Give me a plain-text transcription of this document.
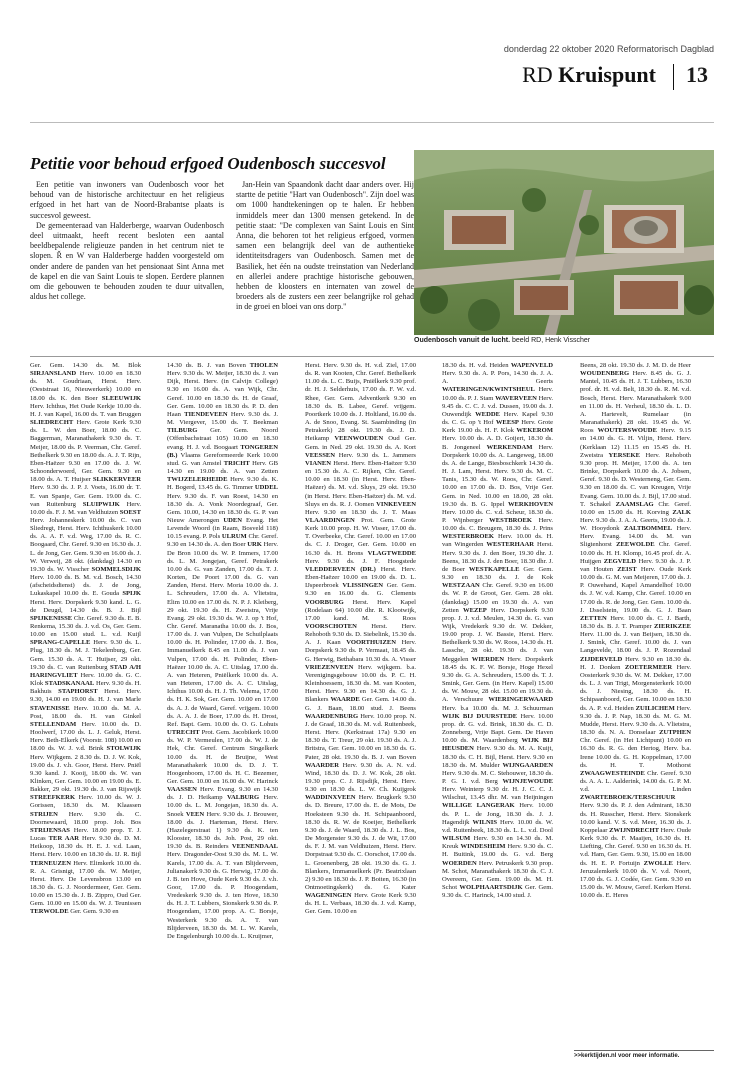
donderdag 22 oktober 2020 Reformatorisch Dagblad
RD Kruispunt 13
Petitie voor behoud erfgoed Oudenbosch succesvol

Een petitie van inwoners van Oudenbosch voor het behoud van de historische architectuur en het religieus erfgoed in het hart van de Noord-Brabantse plaats is succesvol geweest.

De gemeenteraad van Halderberge, waarvan Oudenbosch deel uitmaakt, heeft recent besloten een aantal beeldbepalende religieuze panden in het centrum niet te slopen. Ř en W van Halderberge hadden voorgesteld om onder andere de panden van het pensionaat Sint Anna met de kapel en die van Saint Louis te slopen. Eerdere plannen om die gebouwen te behouden zouden te duur uitvallen, aldus het college.

Jan-Hein van Spaandonk dacht daar anders over. Hij startte de petitie "Hart van Oudenbosch". Zijn doel was om 1000 handtekeningen op te halen. Er hebben inmiddels meer dan 1300 mensen getekend. In de petitie staat: "De complexen van Saint Louis en Sint Anna, die behoren tot het religieus erfgoed, vormen samen een belangrijk deel van de authentieke identiteitsdragers van Oudenbosch. Samen met de Basiliek, het één na oudste treinstation van Nederland en allerlei andere prachtige historische gebouwen, hebben de kloosters en internaten van zowel de broeders als de zusters een zeer belangrijke rol gehad in de groei en bloei van ons dorp."

Oudenbosch vanuit de lucht. beeld RD, Henk Visscher
Ger. Gem. 14.30 ds. M. Blok SIRJANSLAND Herv. 10.00 en 18.30 ds. M. Goudriaan, Herst. Herv. (Oeststraat 16, Nieuwerkerk) 10.00 en 18.00 ds. K. den Boer SLEEUWIJK Herv. Ichthus, Het Oude Kerkje 10.00 ds. H. J. van Kapel, 16.00 ds. T. van Bruggen SLIEDRECHT Herv. Grote Kerk 9.30 ds. L. W. den Boer, 18.00 ds. C. Baggerman, Maranathakerk 9.30 ds. T. Meijer, 18.00 ds. P. Veerman, Chr. Geref. Bethelkerk 9.30 en 18.00 ds. A. J. T. Rijn, Eben-Haëzer 9.30 en 17.00 ds. J. W. Schoonderwoerd, Ger. Gem. 9.30 en 18.00 ds. A. T. Huijser SLIKKERVEER Herv. 9.30 ds. J. P. J. Voets, 16.00 dr. T. E. van Spanje, Ger. Gem. 19.00 ds. C. van Ruitenburg SLUIPWIJK Herv. 10.00 ds. F. J. M. van Veldhuizen SOEST Herv. Johanneskerk 10.00 ds. C. van Sliedregt, Herst. Herv. Ichthuskerk 10.00 ds. A. A. F. v.d. Weg, 17.00 ds. R. C. Boogaard, Chr. Geref. 9.30 en 16.30 ds. J. L. de Jong, Ger. Gem. 9.30 en 16.00 ds. J. W. Verweij, 28 okt. (dankdag) 14.30 en 19.30 ds. W. Visscher SOMMELSDIJK Herv. 10.00 ds. B. M. v.d. Bosch, 14.30 (afscheidsdienst) ds. J. de Jong, Lukaskapel 10.00 ds. E. Gouda SPIJK Herst. Herv. Dorpskerk 9.30 kand. L. G. de Deugd, 14.30 ds. B. J. Bijl SPIJKENISSE Chr. Geref. 9.30 ds. E. B. Renkema, 15.30 ds. J. v.d. Os, Ger. Gem. 10.00 en 15.00 stud. L. v.d. Kuijl SPRANG-CAPELLE Herv. 9.30 ds. L. Plug, 18.30 ds. M. J. Tekelenburg, Ger. Gem. 15.30 ds. A. T. Huijser, 29 okt. 19.30 ds. C. van Ruitenburg STAD A/H HARINGVLIET Herv. 10.00 ds. G. C. Klok STADSKANAAL Herv. 9.30 ds. H. Bakhuis STAPHORST Herst. Herv. 9.30, 14.00 en 19.00 ds. H. J. van Marle STAVENISSE Herv. 10.00 ds. M. A. Post, 18.00 ds. H. van Ginkel STELLENDAM Herv. 10.00 ds. D. Hoolwerf, 17.00 ds. L. J. Geluk, Herst. Herv. Beth-Elkerk (Voorstr. 108) 10.00 en 18.00 ds. W. J. v.d. Brink STOLWIJK Herv. Wijkgem. 2 8.30 ds. D. J. W. Kok, 19.00 ds. J. v.h. Goor, Herst. Herv. Pniël 9.30 kand. J. Kooij, 18.00 ds. W. van Klinken, Ger. Gem. 10.00 en 19.00 ds. E. Bakker, 29 okt. 19.30 ds. J. van Rijswijk STREEFKERK Herv. 10.00 ds. W. J. Gorissen, 18.30 ds. M. Klaassen STRIJEN Herv. 9.30 ds. C. Doornewaard, 18.00 prop. Joh. Bos STRIJENSAS Herv. 18.00 prop. T. J. Lucas TER AAR Herv. 9.30 ds. D. M. Heikoop, 18.30 ds. H. E. J. v.d. Laan, Herst. Herv. 10.00 en 18.30 ds. IJ. R. Bijl TERNEUZEN Herv. Elimkerk 10.00 ds. R. A. Grisnigt, 17.00 ds. W. Meijer, Herst. Herv. De Levensbron 13.00 en 18.30 ds. G. J. Noordermeer, Ger. Gem. 10.00 en 15.30 ds. J. B. Zippro, Oud Ger. Gem. 10.00 en 15.00 ds. W. J. Teunissen TERWOLDE Ger. Gem. 9.30 en
14.30 ds. B. J. van Boven THOLEN Herv. 9.30 ds. W. Meijer, 18.30 ds. J. van Dijk, Herst. Herv. (in Calvijn College) 9.30 en 16.00 ds. A. van Wijk, Chr. Geref. 10.00 en 18.30 ds. H. de Graaf, Ger. Gem. 10.00 en 18.30 ds. P. D. den Haan TIENDEVEEN Herv. 9.30 ds. J. M. Viergever, 15.00 ds. T. Beekman TILBURG Ger. Gem. Noord (Offenbachstraat 105) 10.00 en 18.30 evang. H. J. v.d. Boogaart TONGEREN (B.) Vlaams Gereformeerde Kerk 10.00 stud. G. van Amstel TRICHT Herv. GB 14.30 en 19.00 ds. A. van Zetten TWIJZELERHEIDE Herv. 9.30 ds. K. H. Bogerd, 13.45 ds. G. Timmer UDDEL Herv. 9.30 ds. F. van Roest, 14.30 en 18.30 ds. A. Vonk Noordegraaf, Ger. Gem. 10.00, 14.30 en 18.30 ds. G. P. van Nieuw Amerongen UDEN Evang. Het Levende Woord (in Raam, Bosveld 118) 10.15 evang. P. Pols ULRUM Chr. Geref. 9.30 en 14.30 ds. A. den Boer URK Herv. De Bron 10.00 ds. W. P. Immers, 17.00 ds. L. M. Jongejan, Geref. Petrakerk 10.00 ds. G. van Zanden, 17.00 ds. T. J. Korten, De Poort 17.00 ds. G. van Zanden, Herst. Herv. Moria 10.00 ds. J. L. Schreuders, 17.00 ds. A. Vlietstra, Elim 10.00 en 17.00 ds. N. P. J. Kleiberg, 29 okt. 19.30 ds. H. Zweistra, Vrije Evang. 29 okt. 19.30 ds. W. J. op 't Hof, Chr. Geref. Maranatha 10.00 ds. J. Bos, 17.00 ds. J. van Vulpen, De Schuilplaats 10.00 ds. H. Polinder, 17.00 ds. J. Bos, Immanuelkerk 8.45 en 11.00 ds. J. van Vulpen, 17.00 ds. H. Polinder, Eben-Haëzer 10.00 ds. A. C. Uitslag, 17.00 ds. A. van Heteren, Pniëlkerk 10.00 ds. A. van Heteren, 17.00 ds. A. C. Uitslag, Ichthus 10.00 ds. H. J. Th. Velema, 17.00 ds. H. K. Sok, Ger. Gem. 10.00 en 17.00 ds. A. J. de Waard, Geref. vrijgem. 10.00 ds. A. A. J. de Boer, 17.00 ds. H. Drost, Ref. Bapt. Gem. 10.00 ds. O. G. Lohuis UTRECHT Prot. Gem. Jacobikerk 10.00 ds. W. P. Vermeulen, 17.00 ds. W. J. de Hek, Chr. Geref. Centrum Singelkerk 10.00 ds. H. de Bruijne, West Maranathakerk 10.00 ds. D. J. T. Hoogenboom, 17.00 ds. H. C. Bezemer, Ger. Gem. 10.00 en 16.00 ds. W. Harinck VAASSEN Herv. Evang. 9.30 en 14.30 ds. J. D. Heikamp VALBURG Herv. 10.00 ds. L. M. Jongejan, 18.30 ds. A. Snoek VEEN Herv. 9.30 ds. J. Brouwer, 18.00 ds. J. Harteman, Herst. Herv. (Hazelegerstraat 1) 9.30 ds. K. ten Klooster, 18.30 ds. Joh. Post, 29 okt. 19.30 ds. B. Reinders VEENENDAAL Herv. Dragonder-Oost 9.30 ds. M. L. W. Karels, 17.00 ds. A. T. van Blijderveen, Julianakerk 9.30 ds. G. Herwig, 17.00 ds. J. B. ten Hove, Oude Kerk 9.30 ds. J. v.h. Goor, 17.00 ds. P. Hoogendam, Vredeskerk 9.30 ds. J. ten Hove, 18.30 ds. H. J. T. Lubbers, Sionskerk 9.30 ds. P. Hoogendam, 17.00 prop. A. C. Borsje, Westerkerk 9.30 ds. A. T. van Blijderveen, 18.30 ds. M. L. W. Karels, De Engelenburgh 10.00 ds. L. Kruijmer,
Herst. Herv. 9.30 ds. H. v.d. Ziel, 17.00 ds. R. van Kooten, Chr. Geref. Bethelkerk 11.00 ds. L. C. Buijs, Pniëlkerk 9.30 prof. dr. H. J. Selderhuis, 17.00 ds. F. W. v.d. Rhee, Ger. Gem. Adventkerk 9.30 en 18.30 ds. B. Labee, Geref. vrijgem. Poortkerk 10.00 ds. J. Holtland, 16.00 ds. A. de Snoo, Evang. St. Saambinding (in Petrakerk) 28 okt. 19.30 ds. J. D. Heikamp VEENWOUDEN Oud Ger. Gem. in Ned. 29 okt. 19.30 ds. A. Kort VEESSEN Herv. 9.30 ds. L. Jammers VIANEN Herst. Herv. Eben-Haëzer 9.30 en 15.30 ds. A. C. Rijken, Chr. Geref. 10.00 en 18.30 (in Herst. Herv. Eben-Haëzer) ds. M. v.d. Sluys, 29 okt. 19.30 (in Herst. Herv. Eben-Haëzer) ds. M. v.d. Sluys en ds. R. J. Oomen VINKEVEEN Herv. 9.30 en 18.30 ds. J. T. Maas VLAARDINGEN Prot. Gem. Grote Kerk 10.00 prop. H. W. Visser, 17.00 ds. T. Overbeeke, Chr. Geref. 10.00 en 17.00 ds. C. J. Droger, Ger. Gem. 10.00 en 16.30 ds. H. Brons VLAGTWEDDE Herv. 9.30 ds. J. F. Hoogstede VLEDDERVEEN (DR.) Herst. Herv. Eben-Haëzer 10.00 en 19.00 ds. D. L. IJspeerbroek VLISSINGEN Ger. Gem. 9.30 en 16.00 ds. G. Clements VOORBURG Herst. Herv. Kapel (Rodelaan 64) 10.00 dhr. R. Klootwijk, 17.00 kand. M. S. Roos VOORSCHOTEN Herst. Herv. Rehoboth 9.30 ds. D. Siebelink, 15.30 ds. A. J. Kaan VOORTHUIZEN Herv. Dorpskerk 9.30 ds. P. Vermaat, 18.45 ds. G. Herwig, Bethabara 10.30 ds. A. Visser VRIEZENVEEN Herv. wijkgem. b.a. Verenigingsgebouw 10.00 ds. P. C. H. Kleinhoessem, 18.30 ds. M. van Kooten, Herst. Herv. 9.30 en 14.30 ds. G. J. Blankers WAARDE Ger. Gem. 14.00 ds. G. J. Baan, 18.00 stud. J. Beens WAARDENBURG Herv. 10.00 prop. N. J. de Graaf, 18.30 ds. M. v.d. Ruitenbeek, Herst. Herv. (Kerkstraat 17a) 9.30 en 18.30 ds. T. Treur, 29 okt. 19.30 ds. A. J. Britstra, Ger. Gem. 10.00 en 18.30 ds. G. Pater, 28 okt. 19.30 ds. B. J. van Boven WAARDER Herv. 9.30 ds. A. N. v.d. Wind, 18.30 ds. D. J. W. Kok, 28 okt. 19.30 prop. C. J. Rijsdijk, Herst. Herv. 9.30 en 18.30 ds. L. W. Ch. Kuijgrok WADDINXVEEN Herv. Brugkerk 9.30 ds. D. Breure, 17.00 ds. E. de Mots, De Hoeksteen 9.30 ds. H. Schipaanboord, 18.30 ds. R. W. de Koeijer, Bethelkerk 9.30 ds. J. de Waard, 18.30 ds. J. L. Bos, De Morgenster 9.30 ds. J. de Wit, 17.00 ds. F. J. M. van Veldhuizen, Herst. Herv. Dorpstraat 9.30 ds. C. Oorschot, 17.00 ds. L. Groenenberg, 28 okt. 19.30 ds. G. J. Blankers, Immanuelkerk (Pr. Beatrixlaan 2) 9.30 en 18.30 ds. J. P. Boiten, 16.30 (in Ontmoetingskerk) ds. G. Kater WAGENINGEN Herv. Grote Kerk 9.30 ds. H. L. Verbaas, 18.30 ds. J. v.d. Kamp, Ger. Gem. 10.00 en
18.30 ds. H. v.d. Heiden WAPENVELD Herv. 9.30 ds. A. P. Pors, 14.30 ds. J. A. A. Geerts WATERINGEN/KWINTSHEUL Herv. 10.00 ds. P. J. Stam WAVERVEEN Herv. 9.45 ds. C. C. J. v.d. Dussen, 19.00 ds. J. Ouwendijk WEDDE Herv. Kapel 9.30 ds. C. G. op 't Hof WEESP Herv. Grote Kerk 19.00 ds. H. F. Klok WEKEROM Herv. 10.00 ds. A. D. Goijert, 18.30 ds. B. Jongeneel WERKENDAM Herv. Dorpskerk 10.00 ds. A. Langeweg, 18.00 ds. A. de Lange, Biesboschkerk 14.30 ds. H. J. Lam, Herst. Herv. 9.30 ds. M. C. Tanis, 15.30 ds. W. Roos, Chr. Geref. 10.00 en 17.00 ds. D. Bos, Vrije Ger. Gem. in Ned. 10.00 en 18.00, 28 okt. 19.30 ds. B. G. Ippel WERKHOVEN Herv. 10.00 ds. C. v.d. Scheur, 18.30 ds. P. Wijnberger WESTBROEK Herv. 10.00 ds. C. Breugem, 18.30 ds. J. Prins WESTERBROEK Herv. 10.00 ds. H. van Wingerden WESTERHAAR Herst. Herv. 9.30 ds. J. den Boer, 19.30 dhr. J. Beens, 18.30 ds. J. den Boer, 18.30 dhr. J. de Boer WESTKAPELLE Ger. Gem. 9.30 en 18.30 ds. J. de Kok WESTZAAN Chr. Geref. 9.30 en 16.00 ds. W. P. de Groot, Ger. Gem. 28 okt. (dankdag) 15.00 en 19.30 ds. A. van Zetten WEZEP Herv. Dorpskerk 9.30 prop. J. J. v.d. Meulen, 14.30 ds. G. van Wijk, Vredekerk 9.30 dr. W. Dekker, 19.00 prop. J. W. Bassie, Herst. Herv. Bethelkerk 9.30 ds. W. Roos, 14.30 ds. H. Lassche, 28 okt. 19.30 ds. J. van Meggelen WIERDEN Herv. Dorpskerk 18.45 ds. K. F. W. Borsje, Hoge Hexel 9.30 ds. G. A. Schreuders, 15.00 ds. T. J. Smink, Ger. Gem. (in Herv. Kapel) 15.00 ds. W. Mouw, 28 okt. 15.00 en 19.30 ds. A. Verschuure WIERINGERWAARD Herv. b.a 10.00 ds. M. J. Schuurman WIJK BIJ DUURSTEDE Herv. 10.00 prop. dr. G. v.d. Brink, 18.30 ds. C. D. Zonneberg, Vrije Bapt. Gem. De Haven 10.00 ds. M. Waardenberg WIJK BIJ HEUSDEN Herv. 9.30 ds. M. A. Kuijt, 18.30 ds. C. H. Bijl, Herst. Herv. 9.30 en 18.30 ds. M. Mulder WIJNGAARDEN Herv. 9.30 ds. M. C. Stehouwer, 18.30 ds. P. G. I. v.d. Berg WIJNJEWOUDE Herv. Weinterp 9.30 dr. H. J. C. C. J. Wilschut, 13.45 dhr. M. van Heijningen WILLIGE LANGERAK Herv. 10.00 ds. P. L. de Jong, 18.30 ds. J. J. Hagendijk WILNIS Herv. 10.00 ds. W. v.d. Ruitenbeek, 18.30 ds. L. L. v.d. Dool WILSUM Herv. 9.30 en 14.30 ds. M. Kreuk WINDESHEIM Herv. 9.30 ds. C. H. Buitink, 19.00 ds. G. v.d. Berg WOERDEN Herv. Petruskerk 9.30 prop. M. Schot, Maranathakerk 18.30 ds. C. J. Overeem, Ger. Gem. 19.00 ds. M. H. Schot WOLPHAARTSDIJK Ger. Gem. 9.30 ds. C. Harinck, 14.00 stud. J.
Beens, 28 okt. 19.30 ds. J. M. D. de Heer WOUDENBERG Herv. 8.45 ds. G. J. Mantel, 10.45 ds. H. J. T. Lubbers, 16.30 prof. dr. H. v.d. Belt, 18.30 ds. R. M. v.d. Bosch, Herst. Herv. Maranathakerk 9.00 en 11.00 ds. H. Verheul, 18.30 ds. L. D. A. Hartevelt, Rumelaar (in Maranathakerk) 28 okt. 19.45 ds. W. Roos WOUTERSWOUDE Herv. 9.15 en 14.00 ds. G. H. Viljin, Herst. Herv. (Kerklaan 12) 11.15 en 15.45 ds. H. Zweistra YERSEKE Herv. Rehoboth 9.30 prop. H. Meijer, 17.00 ds. A. ten Brinke, Dorpskerk 10.00 ds. A. Jobsen, Geref. 9.30 ds. D. Westerneng, Ger. Gem. 9.30 en 18.00 ds. C. van Kreugen, Vrije Evang. Gem. 10.00 ds. J. Bijl, 17.00 stud. T. Schakel ZAAMSLAG Chr. Geref. 10.00 en 15.00 ds. H. Korving ZALK Herv. 9.30 ds. J. A. A. Geerts, 19.00 ds. J. W. Hooydonk ZALTBOMMEL Herv. Herv. Evang. 14.00 ds. M. van Sligtenhorst ZEEWOLDE Chr. Geref. 10.00 ds. H. H. Klomp, 16.45 prof. dr. A. Huijgen ZEGVELD Herv. 9.30 ds. J. P. van Houten ZEIST Herv. Oude Kerk 10.00 ds. G. M. van Meijeren, 17.00 ds. J. P. Ouwehand, Kapel Amandelhof 10.00 ds. J. W. v.d. Kamp, Chr. Geref. 10.00 en 17.00 ds. R. de Jong, Ger. Gem. 10.00 ds. J. IJsselstein, 19.00 ds. G. J. Baan ZETTEN Herv. 10.00 ds. C. J. Barth, 18.30 ds. B. J. T. Pramper ZIERIKZEE Herv. 11.00 ds. J. van Beijsen, 18.30 ds. J. Smink, Chr. Geref. 10.00 ds. J. van Langevelde, 18.00 ds. J. P. Rozendaal ZIJDERVELD Herv. 9.30 en 18.30 ds. H. J. Donken ZOETERMEER Herv. Oosterkerk 9.30 ds. W. M. Dekker, 17.00 ds. L. J. van Trigt, Morgensterkerk 10.00 ds. J. Niesing, 18.30 ds. H. Schipaanboord, Ger. Gem. 10.00 en 18.30 ds. A. P. v.d. Heiden ZUILICHEM Herv. 9.30 ds. J. P. Nap, 18.30 ds. M. G. M. Mudde, Herst. Herv. 9.30 ds. A. Vlietstra, 18.30 ds. N. A. Donselaar ZUTPHEN Chr. Geref. (in Het Lichtpunt) 10.00 en 16.30 ds. R. G. den Hertog, Herv. b.a. Irene 10.00 ds. G. H. Koppelman, 17.00 ds. H. T. Mothorst ZWAAGWESTEINDE Chr. Geref. 9.30 ds. A. A. L. Aalderink, 14.00 ds. G. P. M. v.d. Linden ZWARTEBROEK/TERSCHUUR Herv. 9.30 ds. P. J. den Admirant, 18.30 ds. H. Russcher, Herst. Herv. Sionskerk 10.00 kand. V. S. v.d. Meer, 16.30 ds. J. Koppelaar ZWIJNDRECHT Herv. Oude Kerk 9.30 ds. F. Maaijen, 16.30 ds. H. Liefting, Chr. Geref. 9.30 en 16.30 ds. H. v.d. Ham, Ger. Gem. 9.30, 15.00 en 18.00 ds. H. E. P. Fortuijn ZWOLLE Herv. Jeruzalemkerk 10.00 ds. V. v.d. Noort, 17.00 ds. G. J. Codée, Ger. Gem. 9.30 en 15.00 ds. W. Mouw, Geref. Kerken Herst. 10.00 ds. E. Heres
>>kerktijden.nl voor meer informatie.
